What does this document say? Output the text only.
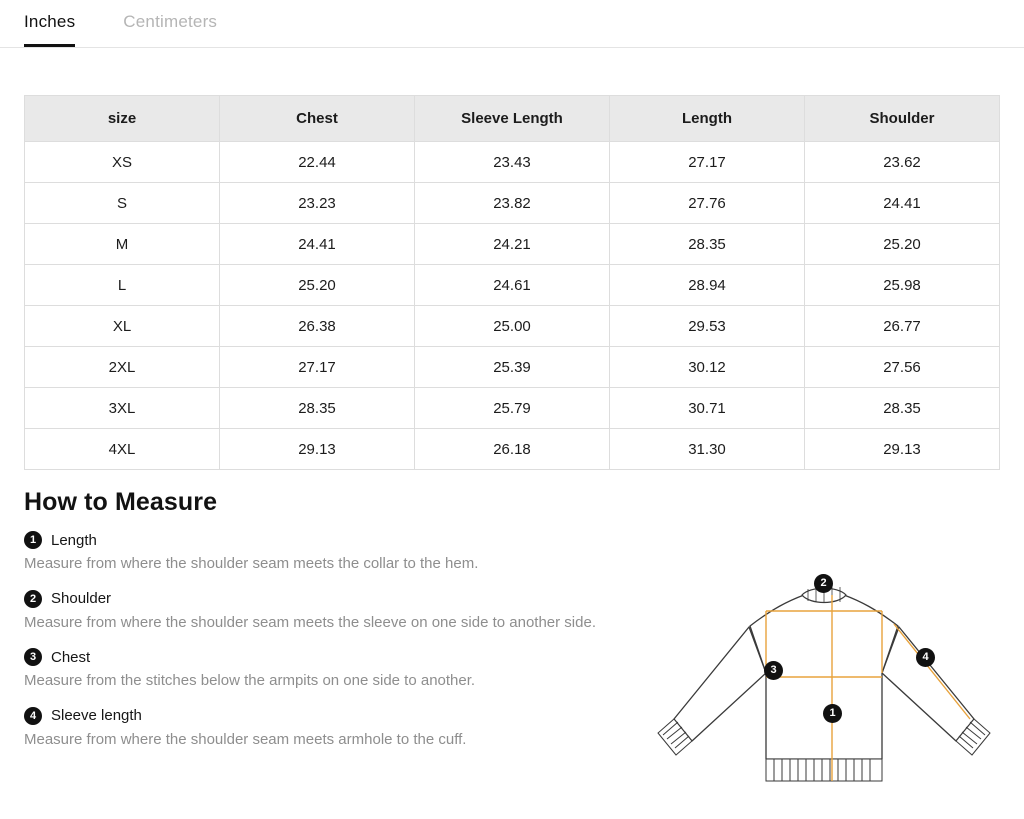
Inches	Centimeters
size	Chest	Sleeve Length	Length	Shoulder
XS	22.44	23.43	27.17	23.62
S	23.23	23.82	27.76	24.41
M	24.41	24.21	28.35	25.20
L	25.20	24.61	28.94	25.98
XL	26.38	25.00	29.53	26.77
2XL	27.17	25.39	30.12	27.56
3XL	28.35	25.79	30.71	28.35
4XL	29.13	26.18	31.30	29.13
How to Measure
1 Length

Measure from where the shoulder seam meets the collar to the hem.

2 Shoulder

Measure from where the shoulder seam meets the sleeve on one side to another side.

3 Chest

Measure from the stitches below the armpits on one side to another.

4 Sleeve length

Measure from where the shoulder seam meets armhole to the cuff.

2
4
3
1
